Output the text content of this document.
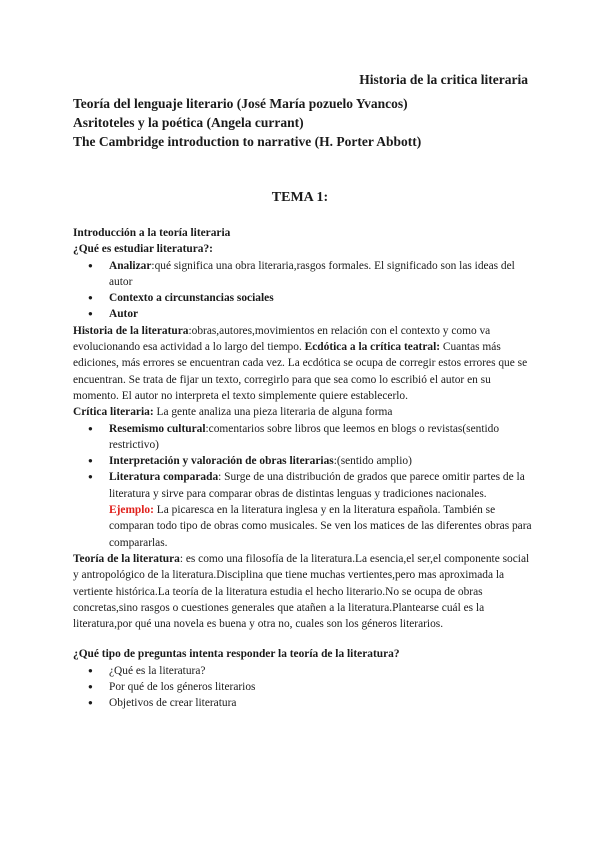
Historia de la critica literaria
Teoría del lenguaje literario (José María pozuelo Yvancos)
Asritoteles y la poética (Angela currant)
The Cambridge introduction to narrative (H. Porter Abbott)
TEMA 1:
Introducción a la teoría literaria
¿Qué es estudiar literatura?:
● Analizar:qué significa una obra literaria,rasgos formales. El significado son las ideas del autor
● Contexto a circunstancias sociales
● Autor

Historia de la literatura:obras,autores,movimientos en relación con el contexto y como va evolucionando esa actividad a lo largo del tiempo. Ecdótica a la crítica teatral: Cuantas más ediciones, más errores se encuentran cada vez. La ecdótica se ocupa de corregir estos errores que se encuentran. Se trata de fijar un texto, corregirlo para que sea como lo escribió el autor en su momento. El autor no interpreta el texto simplemente quiere establecerlo.

Crítica literaria: La gente analiza una pieza literaria de alguna forma

● Resemismo cultural:comentarios sobre libros que leemos en blogs o revistas(sentido restrictivo)
● Interpretación y valoración de obras literarias:(sentido amplio)
● Literatura comparada: Surge de una distribución de grados que parece omitir partes de la literatura y sirve para comparar obras de distintas lenguas y tradiciones nacionales. Ejemplo: La picaresca en la literatura inglesa y en la literatura española. También se comparan todo tipo de obras como musicales. Se ven los matices de las diferentes obras para compararlas.

Teoría de la literatura: es como una filosofía de la literatura.La esencia,el ser,el componente social y antropológico de la literatura.Disciplina que tiene muchas vertientes,pero mas aproximada la vertiente histórica.La teoría de la literatura estudia el hecho literario.No se ocupa de obras concretas,sino rasgos o cuestiones generales que atañen a la literatura.Plantearse cuál es la literatura,por qué una novela es buena y otra no, cuales son los géneros literarios.

¿Qué tipo de preguntas intenta responder la teoría de la literatura?
● ¿Qué es la literatura?
● Por qué de los géneros literarios
● Objetivos de crear literatura
